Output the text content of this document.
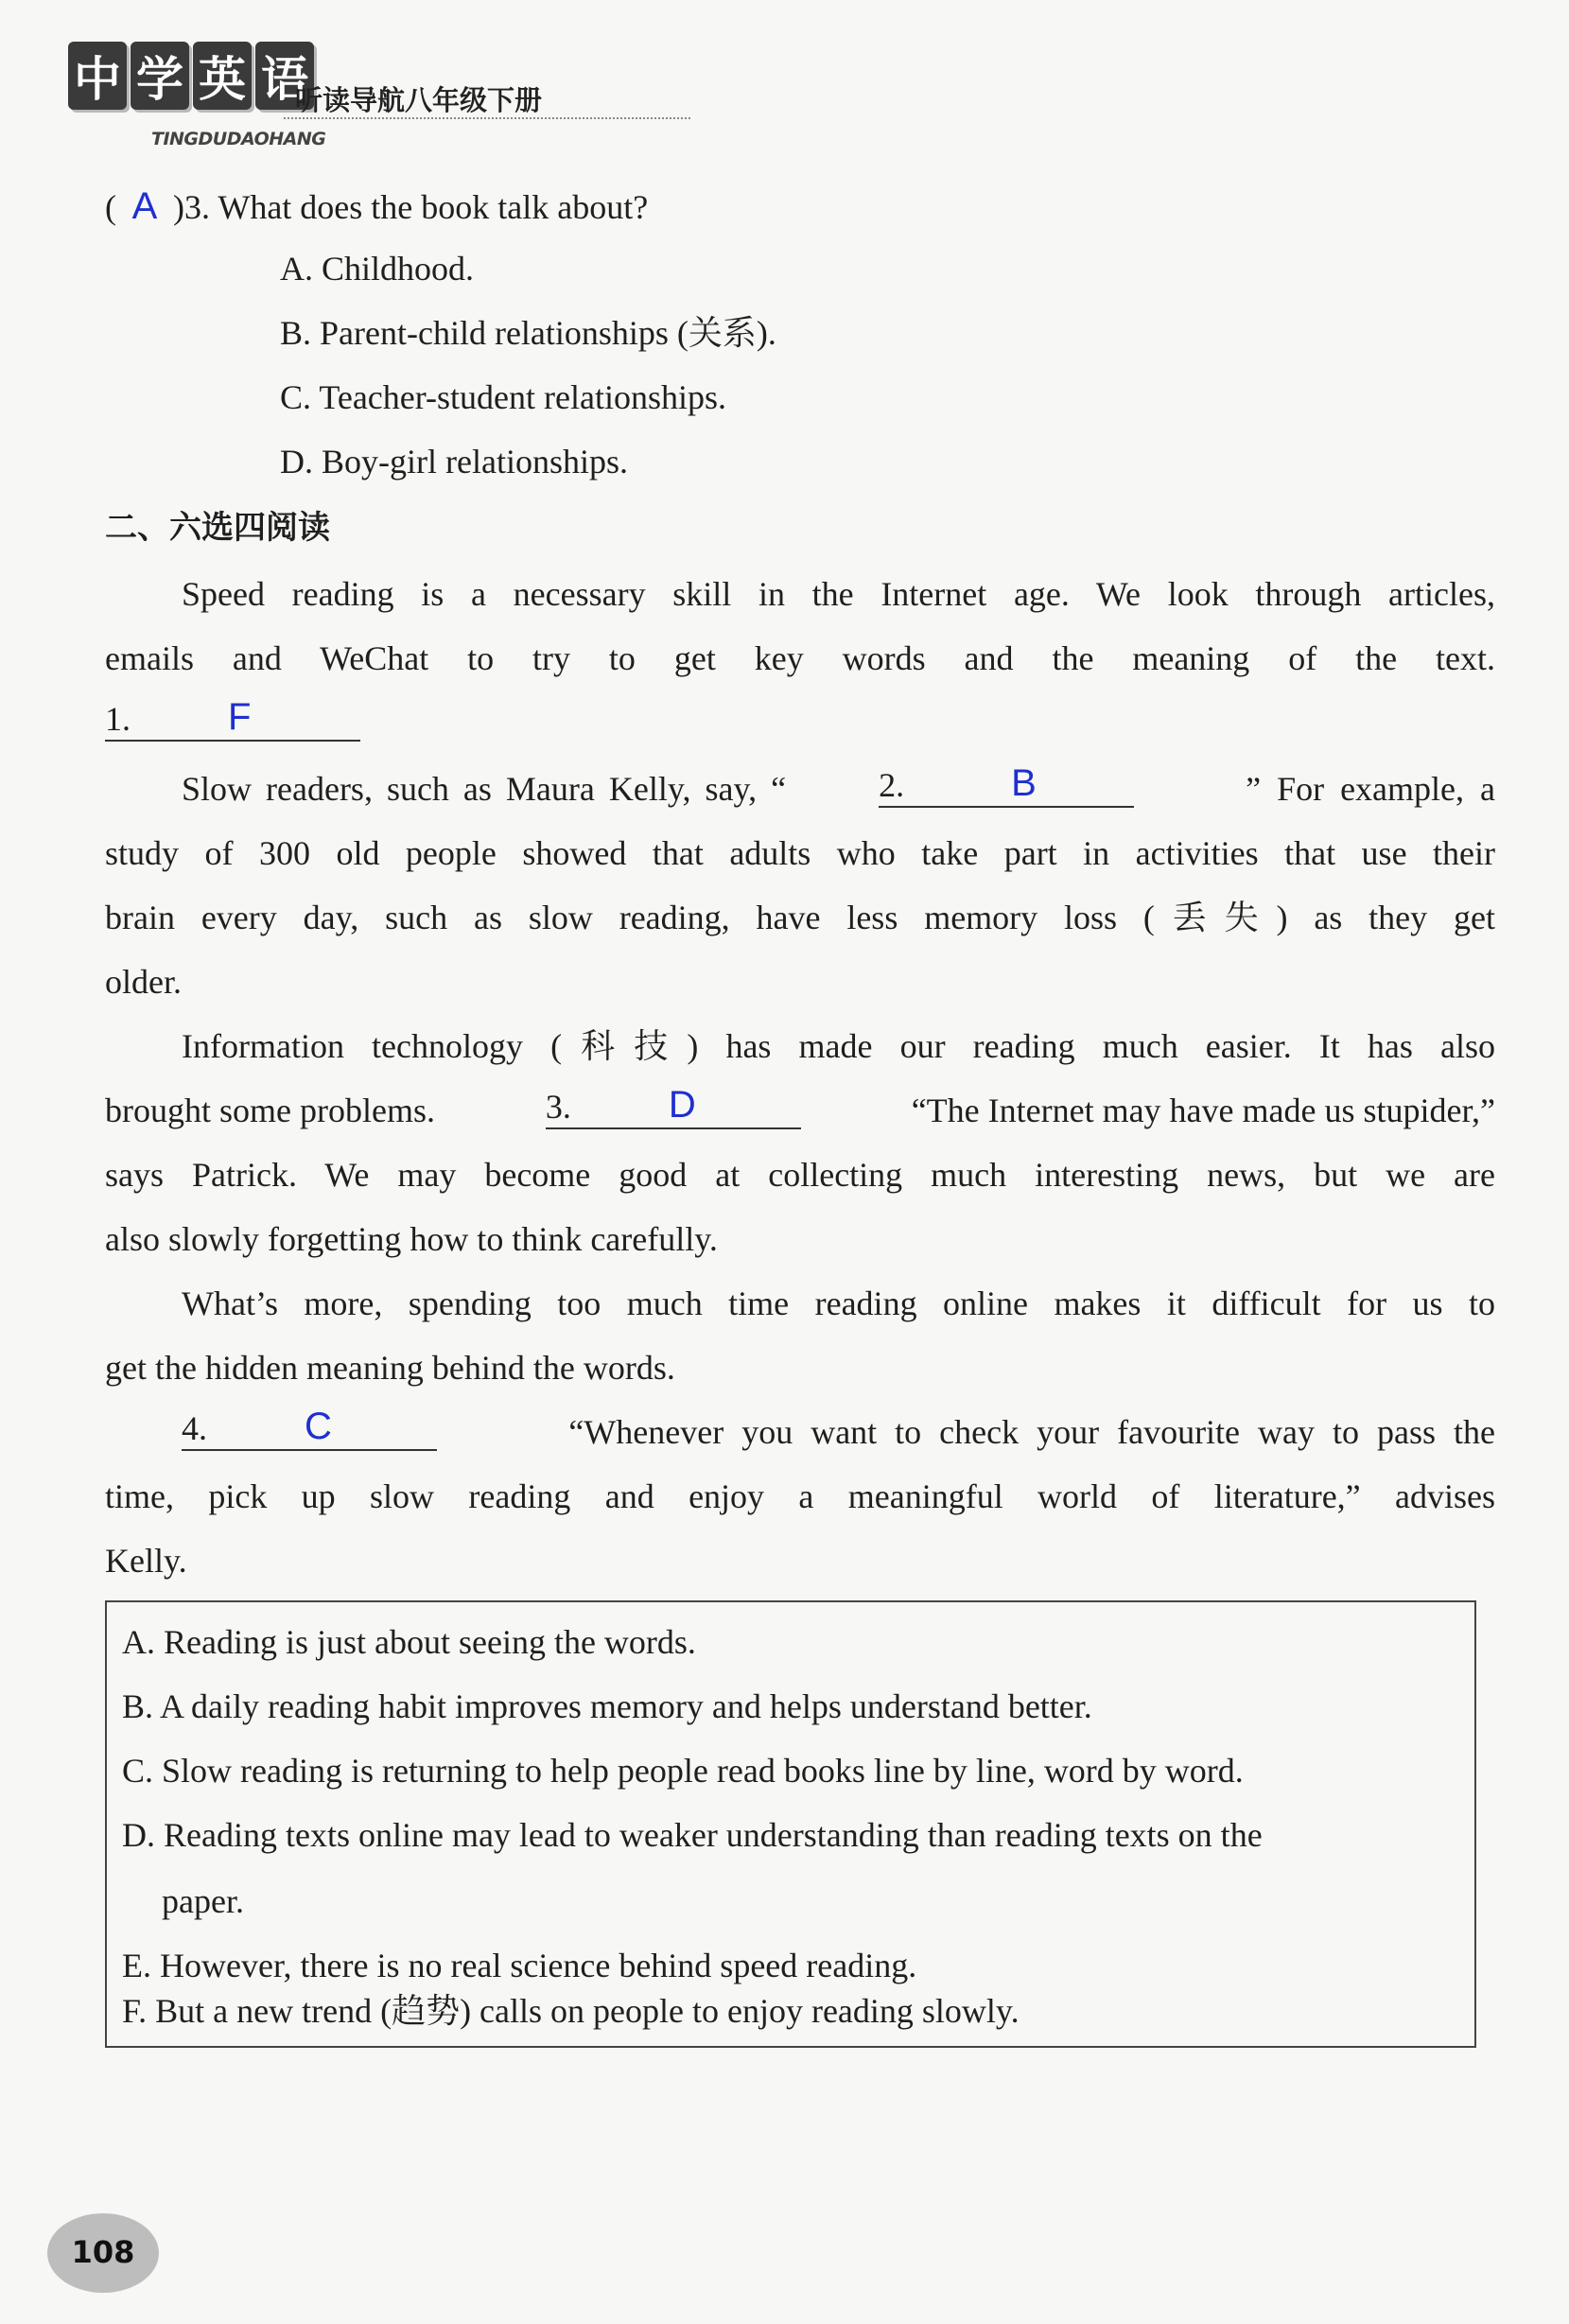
中 学 英 语
听读导航八年级下册
TINGDUDAOHANG
( A )3. What does the book talk about?
A. Childhood.
B. Parent-child relationships (关系).
C. Teacher-student relationships.
D. Boy-girl relationships.
二、六选四阅读
Speed reading is a necessary skill in the Internet age. We look through articles,
emails and WeChat to try to get key words and the meaning of the text.
1.	F
Slow readers, such as Maura Kelly, say, “	2.	B	” For example, a
study of 300 old people showed that adults who take part in activities that use their
brain every day, such as slow reading, have less memory loss (丢失) as they get
older.
Information technology (科技) has made our reading much easier. It has also
brought some problems.	3.	D	“The Internet may have made us stupider,”
says Patrick. We may become good at collecting much interesting news, but we are
also slowly forgetting how to think carefully.
What’s more, spending too much time reading online makes it difficult for us to
get the hidden meaning behind the words.
4.	C	“Whenever you want to check your favourite way to pass the
time, pick up slow reading and enjoy a meaningful world of literature,” advises
Kelly.
A. Reading is just about seeing the words.
B. A daily reading habit improves memory and helps understand better.
C. Slow reading is returning to help people read books line by line, word by word.
D. Reading texts online may lead to weaker understanding than reading texts on the
paper.
E. However, there is no real science behind speed reading.
F. But a new trend (趋势) calls on people to enjoy reading slowly.
108
